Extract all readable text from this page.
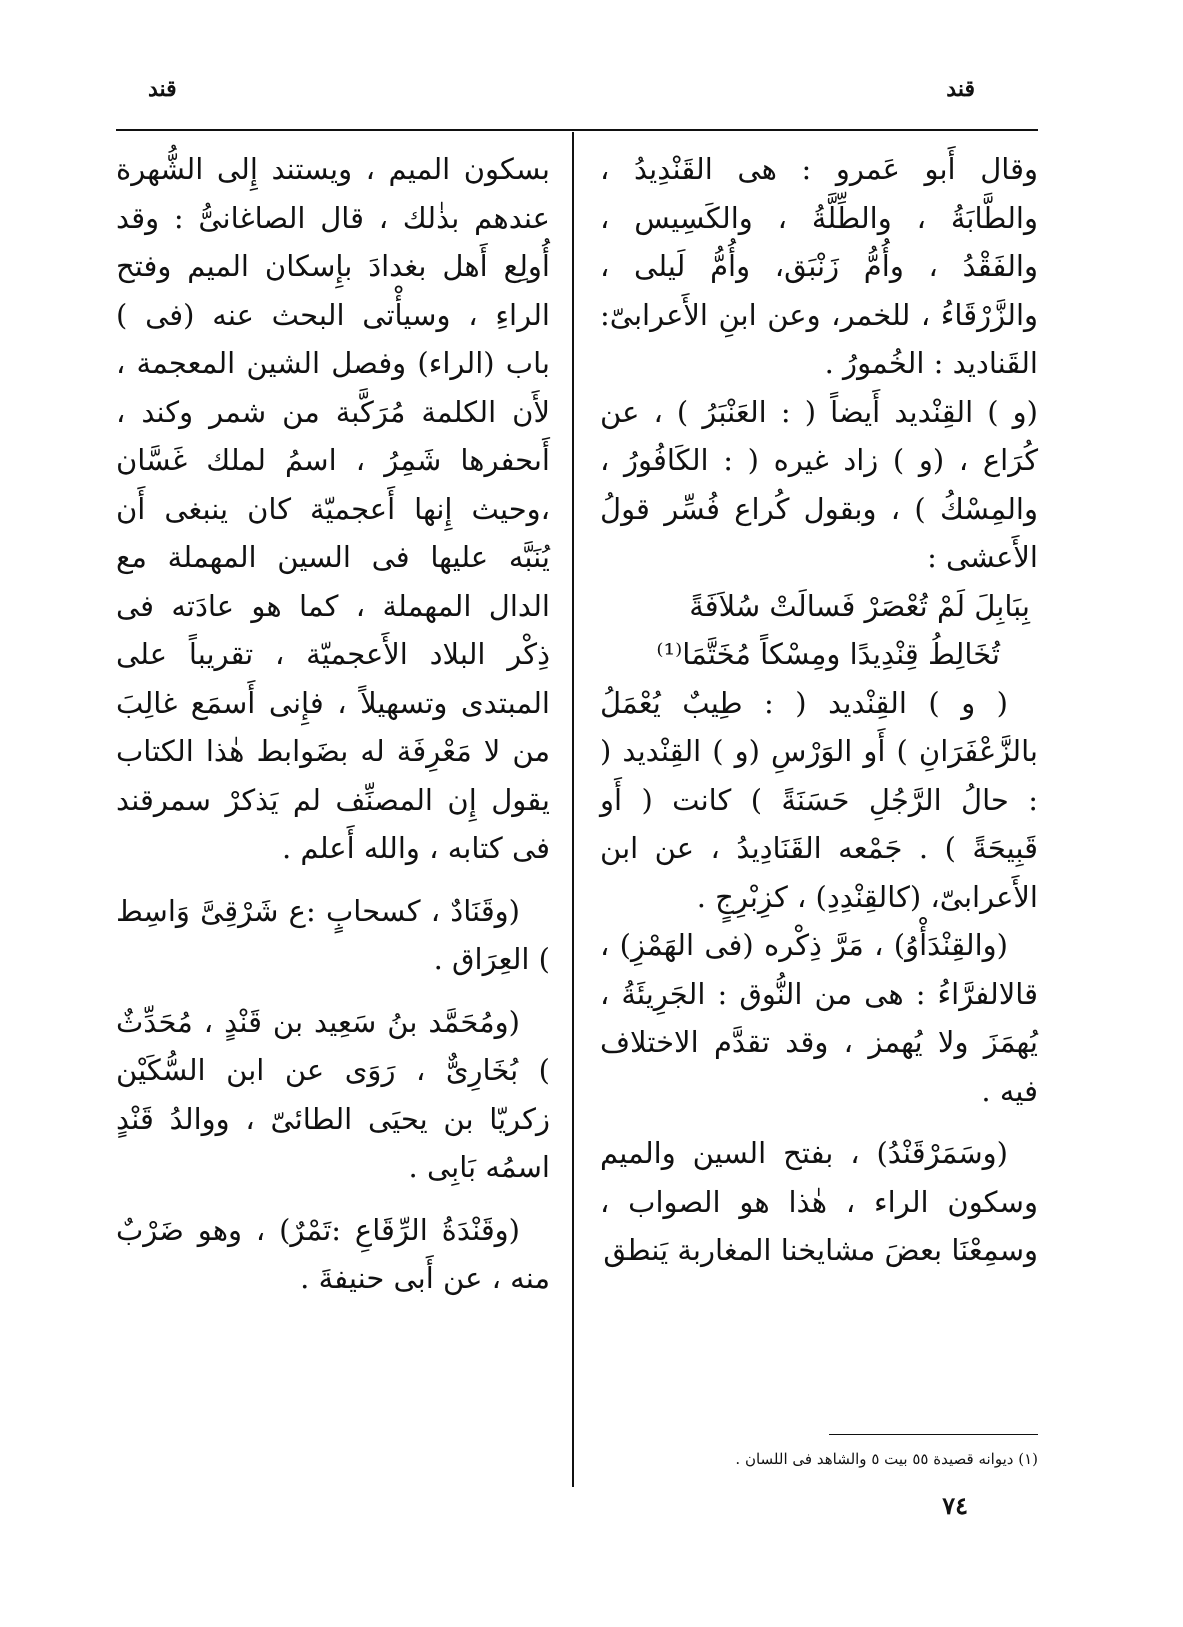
قند
قند

وقال أَبو عَمرو : هى القَنْدِيدُ ، والطَّابَةُ ، والطِّلَّةُ ، والكَسِيس ، والفَقْدُ ، وأُمُّ زَنْبَق، وأُمُّ لَيلى ، والزَّرْقَاءُ ، للخمر، وعن ابنِ الأَعرابىّ: القَناديد : الخُمورُ .

(و ) القِنْديد أَيضاً ( : العَنْبَرُ ) ، عن كُرَاع ، (و ) زاد غيره ( : الكَافُورُ ، والمِسْكُ ) ، وبقول كُراع فُسِّر قولُ الأَعشى :

بِبَابِلَ لَمْ تُعْصَرْ فَسالَتْ سُلاَفَةً

تُخَالِطُ قِنْدِيدًا ومِسْكاً مُخَتَّمَا⁽¹⁾

( و ) القِنْديد ( : طِيبٌ يُعْمَلُ بالزَّعْفَرَانِ ) أَو الوَرْسِ (و ) القِنْديد ( : حالُ الرَّجُلِ حَسَنَةً ) كانت ( أَو قَبِيحَةً ) . جَمْعه القَنَادِيدُ ، عن ابن الأَعرابىّ، (كالقِنْدِدِ) ، كزِبْرِجٍ .

(والقِنْدَأْوُ) ، مَرَّ ذِكْره (فى الهَمْزِ) ، قالالفرَّاءُ : هى من النُّوق : الجَرِيئَةُ ، يُهمَزَ ولا يُهمز ، وقد تقدَّم الاختلاف فيه .

(وسَمَرْقَنْدُ) ، بفتح السين والميم وسكون الراء ، هٰذا هو الصواب ، وسمِعْنَا بعضَ مشايخنا المغاربة يَنطق

بسكون الميم ، ويستند إِلى الشُّهرة عندهم بذٰلك ، قال الصاغانىُّ : وقد أُولِع أَهل بغدادَ بإِسكان الميم وفتح الراءِ ، وسيأْتى البحث عنه (فى ) باب (الراء) وفصل الشين المعجمة ، لأَن الكلمة مُرَكَّبة من شمر وكند ، أَىحفرها شَمِرُ ، اسمُ لملك غَسَّان ،وحيث إِنها أَعجميّة كان ينبغى أَن يُنَبَّه عليها فى السين المهملة مع الدال المهملة ، كما هو عادَته فى ذِكْر البلاد الأَعجميّة ، تقريباً على المبتدى وتسهيلاً ، فإِنى أَسمَع غالِبَ من لا مَعْرِفَة له بضَوابط هٰذا الكتاب يقول إِن المصنِّف لم يَذكرْ سمرقند فى كتابه ، والله أَعلم .

(وقَنَادٌ ، كسحابٍ :ع شَرْقِىَّ وَاسِط ) العِرَاق .

(ومُحَمَّد بنُ سَعِيد بن قَنْدٍ ، مُحَدِّثٌ ) بُخَارِىٌّ ، رَوَى عن ابن السُّكَيْن زكريّا بن يحيَى الطائىّ ، ووالدُ قَنْدٍ اسمُه بَابِى .

(وقَنْدَةُ الرِّقَاعِ :تَمْرٌ) ، وهو ضَرْبٌ منه ، عن أَبى حنيفةَ .

(١) ديوانه قصيدة ٥٥ بيت ٥ والشاهد فى اللسان .
٧٤
